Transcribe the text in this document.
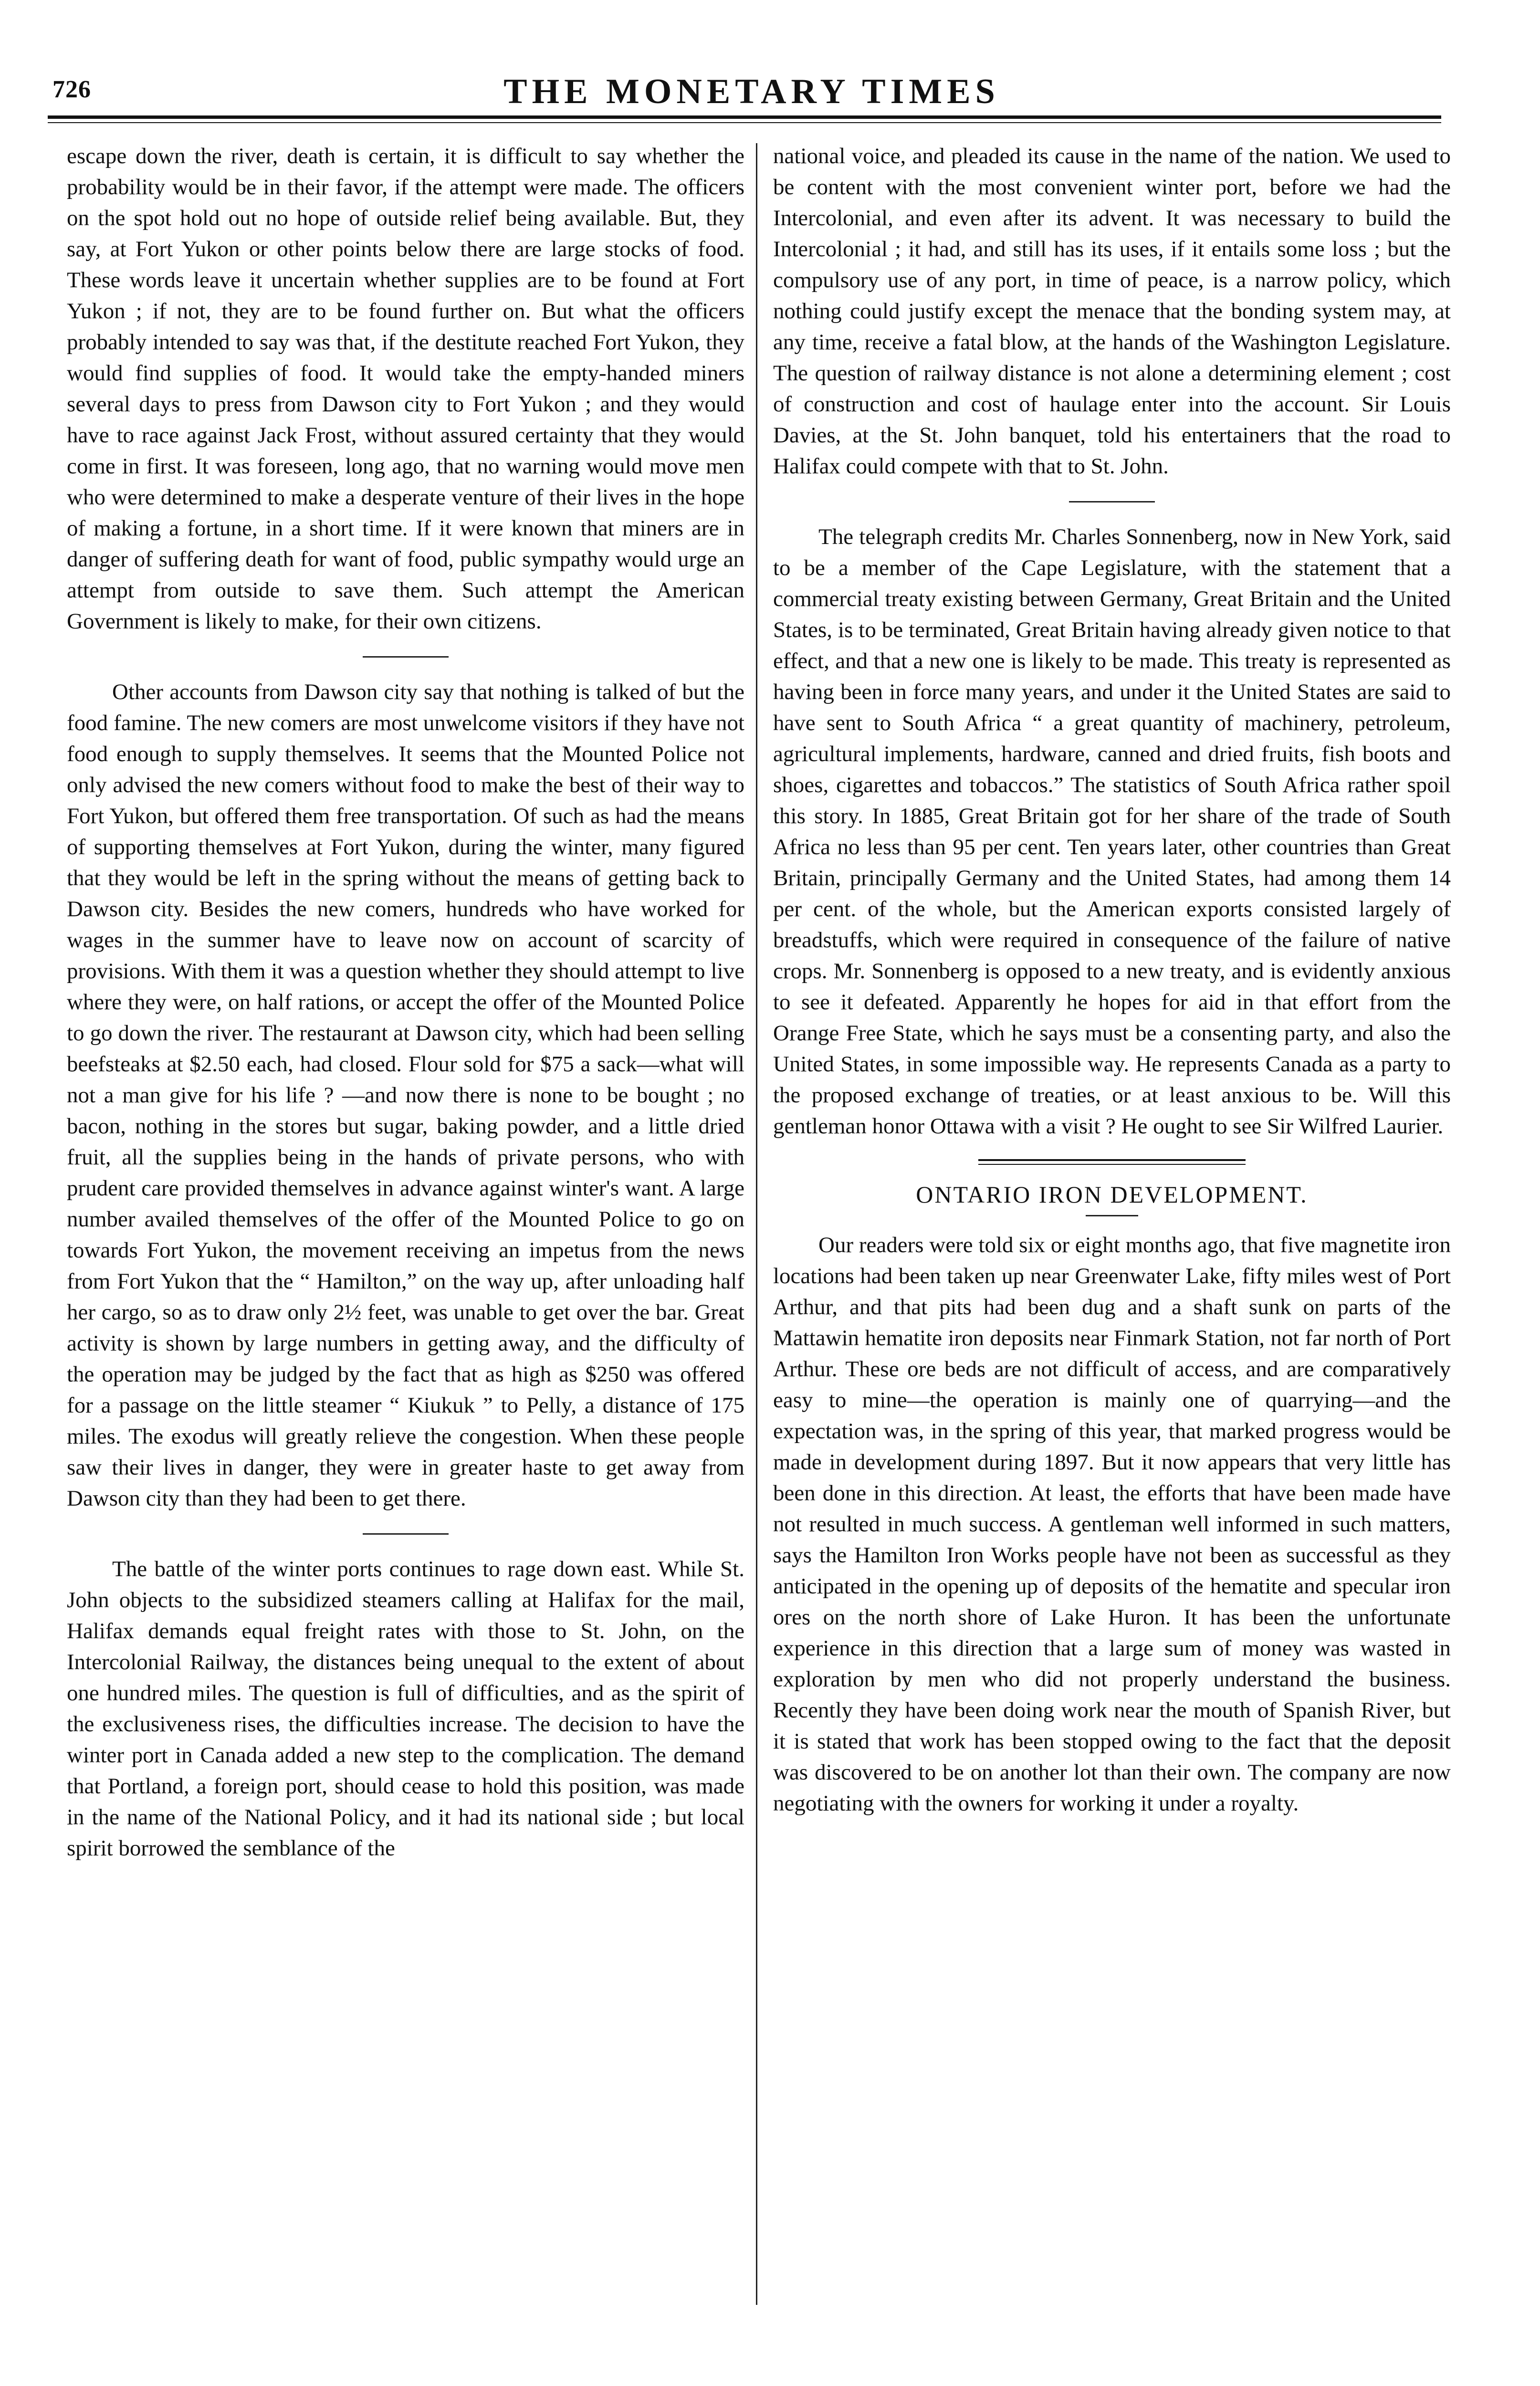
726	THE MONETARY TIMES

escape down the river, death is certain, it is difficult to say whether the probability would be in their favor, if the attempt were made. The officers on the spot hold out no hope of outside relief being available. But, they say, at Fort Yukon or other points below there are large stocks of food. These words leave it uncertain whether supplies are to be found at Fort Yukon ; if not, they are to be found further on. But what the officers probably intended to say was that, if the destitute reached Fort Yukon, they would find supplies of food. It would take the empty-handed miners several days to press from Dawson city to Fort Yukon ; and they would have to race against Jack Frost, without assured certainty that they would come in first. It was foreseen, long ago, that no warning would move men who were determined to make a desperate venture of their lives in the hope of making a fortune, in a short time. If it were known that miners are in danger of suffering death for want of food, public sympathy would urge an attempt from outside to save them. Such attempt the American Government is likely to make, for their own citizens.

Other accounts from Dawson city say that nothing is talked of but the food famine. The new comers are most unwelcome visitors if they have not food enough to supply themselves. It seems that the Mounted Police not only advised the new comers without food to make the best of their way to Fort Yukon, but offered them free transportation. Of such as had the means of supporting themselves at Fort Yukon, during the winter, many figured that they would be left in the spring without the means of getting back to Dawson city. Besides the new comers, hundreds who have worked for wages in the summer have to leave now on account of scarcity of provisions. With them it was a question whether they should attempt to live where they were, on half rations, or accept the offer of the Mounted Police to go down the river. The restaurant at Dawson city, which had been selling beefsteaks at $2.50 each, had closed. Flour sold for $75 a sack—what will not a man give for his life ? —and now there is none to be bought ; no bacon, nothing in the stores but sugar, baking powder, and a little dried fruit, all the supplies being in the hands of private persons, who with prudent care provided themselves in advance against winter's want. A large number availed themselves of the offer of the Mounted Police to go on towards Fort Yukon, the movement receiving an impetus from the news from Fort Yukon that the “ Hamilton,” on the way up, after unloading half her cargo, so as to draw only 2½ feet, was unable to get over the bar. Great activity is shown by large numbers in getting away, and the difficulty of the operation may be judged by the fact that as high as $250 was offered for a passage on the little steamer “ Kiukuk ” to Pelly, a distance of 175 miles. The exodus will greatly relieve the congestion. When these people saw their lives in danger, they were in greater haste to get away from Dawson city than they had been to get there.

The battle of the winter ports continues to rage down east. While St. John objects to the subsidized steamers calling at Halifax for the mail, Halifax demands equal freight rates with those to St. John, on the Intercolonial Railway, the distances being unequal to the extent of about one hundred miles. The question is full of difficulties, and as the spirit of the exclusiveness rises, the difficulties increase. The decision to have the winter port in Canada added a new step to the complication. The demand that Portland, a foreign port, should cease to hold this position, was made in the name of the National Policy, and it had its national side ; but local spirit borrowed the semblance of the

national voice, and pleaded its cause in the name of the nation. We used to be content with the most convenient winter port, before we had the Intercolonial, and even after its advent. It was necessary to build the Intercolonial ; it had, and still has its uses, if it entails some loss ; but the compulsory use of any port, in time of peace, is a narrow policy, which nothing could justify except the menace that the bonding system may, at any time, receive a fatal blow, at the hands of the Washington Legislature. The question of railway distance is not alone a determining element ; cost of construction and cost of haulage enter into the account. Sir Louis Davies, at the St. John banquet, told his entertainers that the road to Halifax could compete with that to St. John.

The telegraph credits Mr. Charles Sonnenberg, now in New York, said to be a member of the Cape Legislature, with the statement that a commercial treaty existing between Germany, Great Britain and the United States, is to be terminated, Great Britain having already given notice to that effect, and that a new one is likely to be made. This treaty is represented as having been in force many years, and under it the United States are said to have sent to South Africa “ a great quantity of machinery, petroleum, agricultural implements, hardware, canned and dried fruits, fish boots and shoes, cigarettes and tobaccos.” The statistics of South Africa rather spoil this story. In 1885, Great Britain got for her share of the trade of South Africa no less than 95 per cent. Ten years later, other countries than Great Britain, principally Germany and the United States, had among them 14 per cent. of the whole, but the American exports consisted largely of breadstuffs, which were required in consequence of the failure of native crops. Mr. Sonnenberg is opposed to a new treaty, and is evidently anxious to see it defeated. Apparently he hopes for aid in that effort from the Orange Free State, which he says must be a consenting party, and also the United States, in some impossible way. He represents Canada as a party to the proposed exchange of treaties, or at least anxious to be. Will this gentleman honor Ottawa with a visit ? He ought to see Sir Wilfred Laurier.

ONTARIO IRON DEVELOPMENT.

Our readers were told six or eight months ago, that five magnetite iron locations had been taken up near Greenwater Lake, fifty miles west of Port Arthur, and that pits had been dug and a shaft sunk on parts of the Mattawin hematite iron deposits near Finmark Station, not far north of Port Arthur. These ore beds are not difficult of access, and are comparatively easy to mine—the operation is mainly one of quarrying—and the expectation was, in the spring of this year, that marked progress would be made in development during 1897. But it now appears that very little has been done in this direction. At least, the efforts that have been made have not resulted in much success. A gentleman well informed in such matters, says the Hamilton Iron Works people have not been as successful as they anticipated in the opening up of deposits of the hematite and specular iron ores on the north shore of Lake Huron. It has been the unfortunate experience in this direction that a large sum of money was wasted in exploration by men who did not properly understand the business. Recently they have been doing work near the mouth of Spanish River, but it is stated that work has been stopped owing to the fact that the deposit was discovered to be on another lot than their own. The company are now negotiating with the owners for working it under a royalty.
